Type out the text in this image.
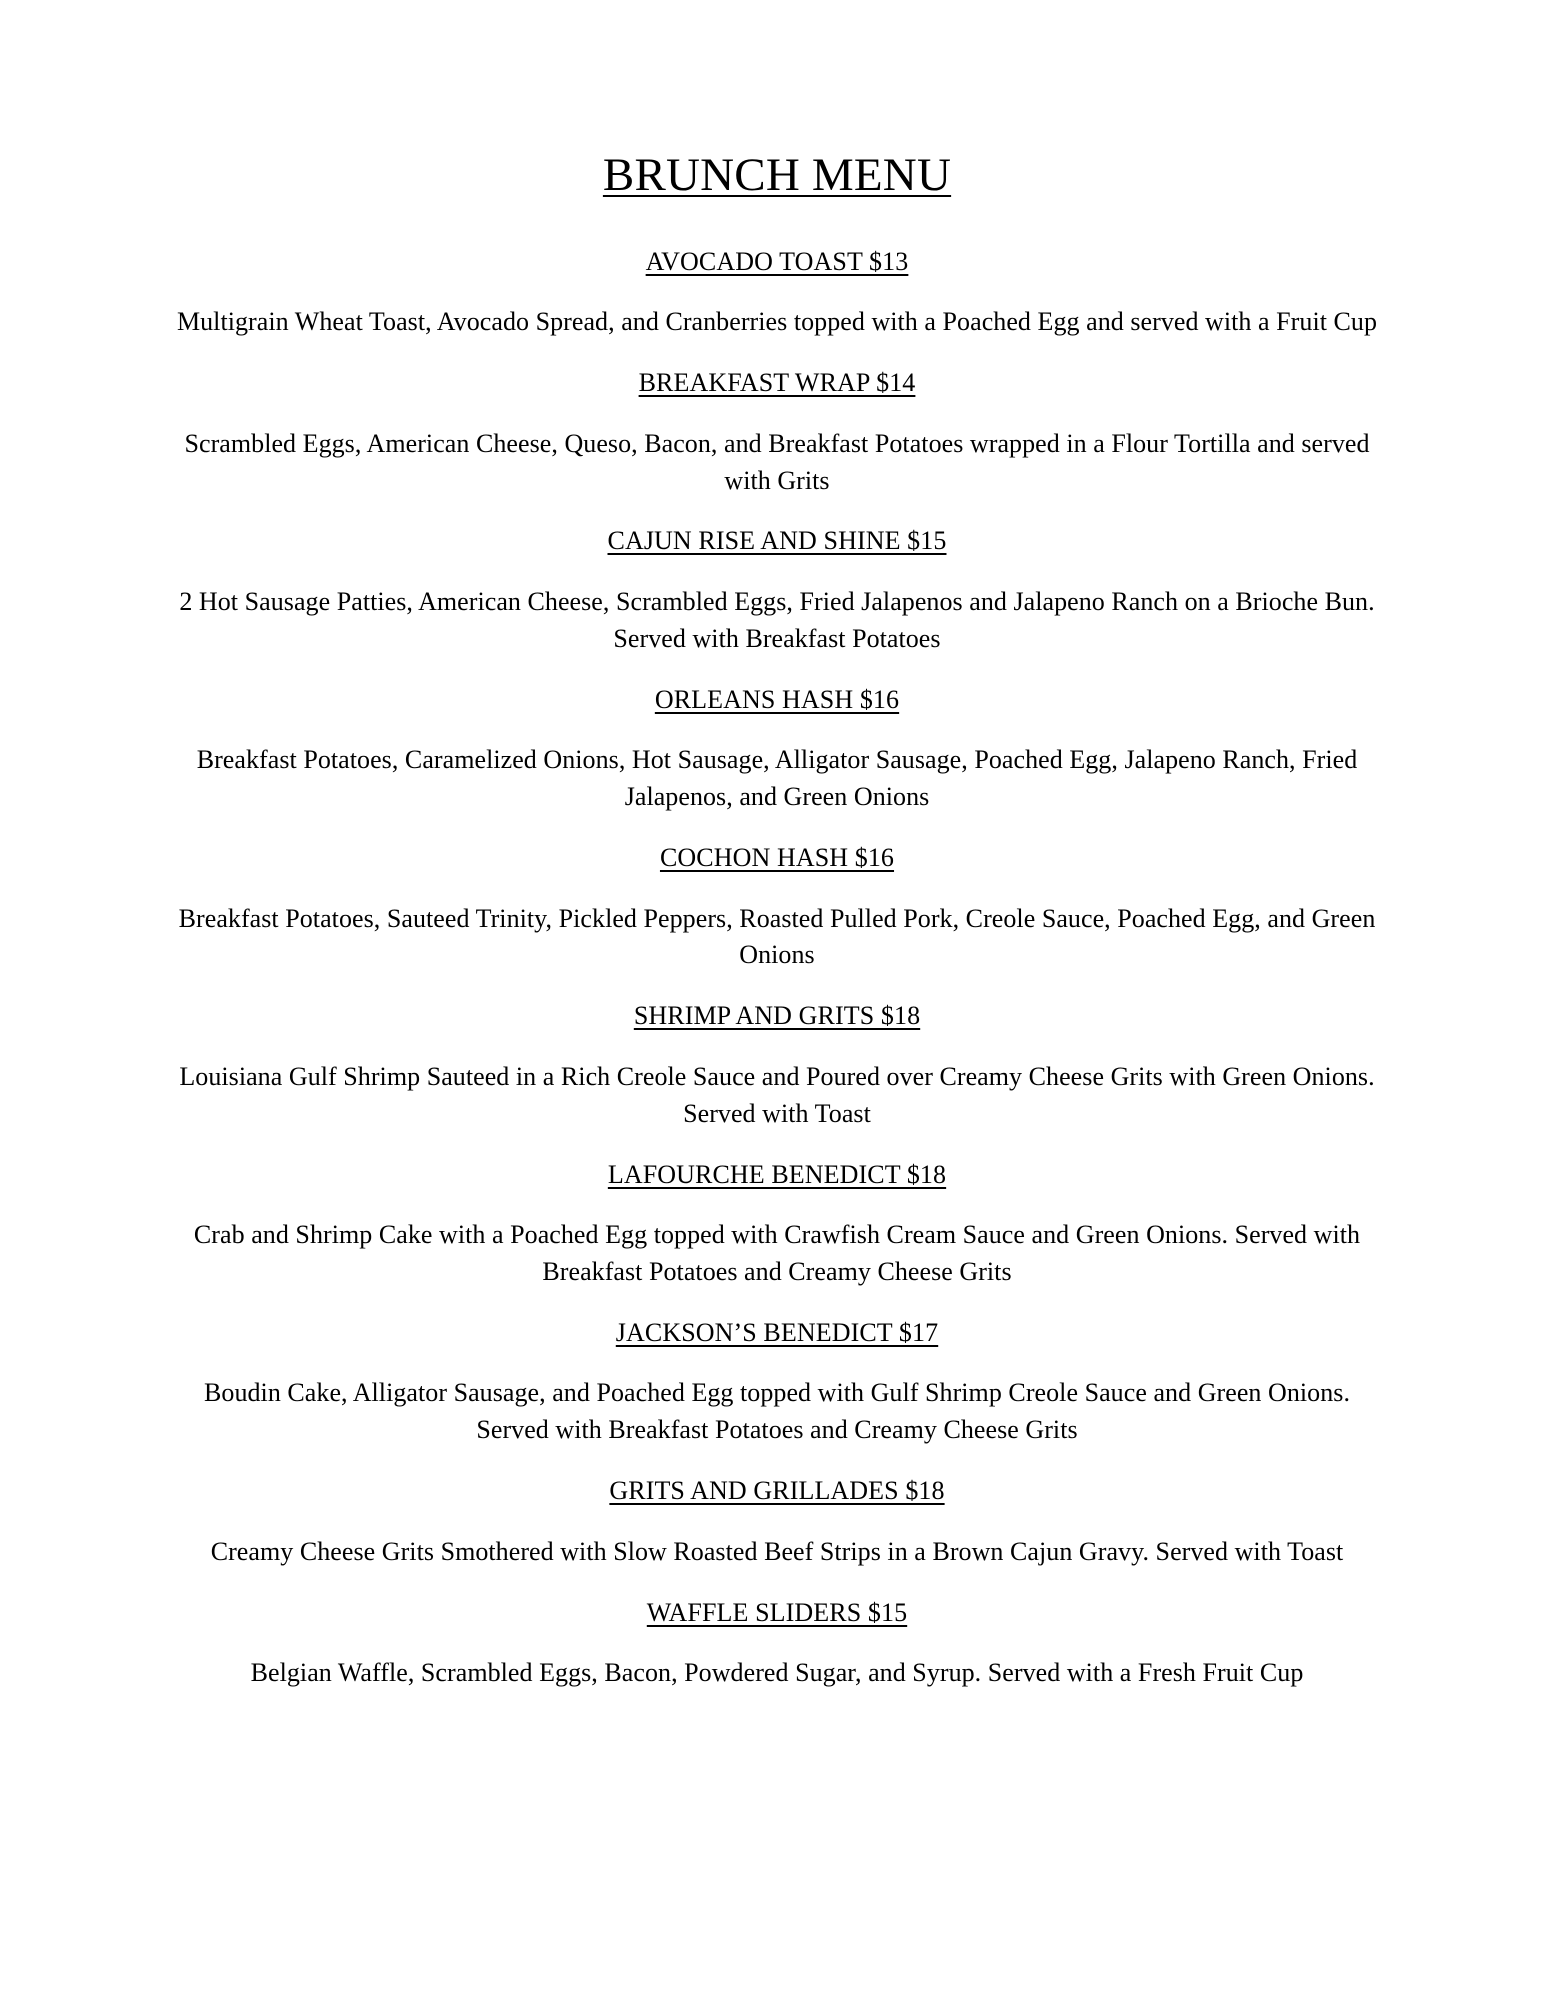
BRUNCH MENU
AVOCADO TOAST $13

Multigrain Wheat Toast, Avocado Spread, and Cranberries topped with a Poached Egg and served with a Fruit Cup

BREAKFAST WRAP $14

Scrambled Eggs, American Cheese, Queso, Bacon, and Breakfast Potatoes wrapped in a Flour Tortilla and served with Grits

CAJUN RISE AND SHINE $15

2 Hot Sausage Patties, American Cheese, Scrambled Eggs, Fried Jalapenos and Jalapeno Ranch on a Brioche Bun. Served with Breakfast Potatoes

ORLEANS HASH $16

Breakfast Potatoes, Caramelized Onions, Hot Sausage, Alligator Sausage, Poached Egg, Jalapeno Ranch, Fried Jalapenos, and Green Onions

COCHON HASH $16

Breakfast Potatoes, Sauteed Trinity, Pickled Peppers, Roasted Pulled Pork, Creole Sauce, Poached Egg, and Green Onions

SHRIMP AND GRITS $18

Louisiana Gulf Shrimp Sauteed in a Rich Creole Sauce and Poured over Creamy Cheese Grits with Green Onions. Served with Toast

LAFOURCHE BENEDICT $18

Crab and Shrimp Cake with a Poached Egg topped with Crawfish Cream Sauce and Green Onions. Served with Breakfast Potatoes and Creamy Cheese Grits

JACKSON’S BENEDICT $17

Boudin Cake, Alligator Sausage, and Poached Egg topped with Gulf Shrimp Creole Sauce and Green Onions. Served with Breakfast Potatoes and Creamy Cheese Grits

GRITS AND GRILLADES $18

Creamy Cheese Grits Smothered with Slow Roasted Beef Strips in a Brown Cajun Gravy. Served with Toast

WAFFLE SLIDERS $15

Belgian Waffle, Scrambled Eggs, Bacon, Powdered Sugar, and Syrup. Served with a Fresh Fruit Cup
